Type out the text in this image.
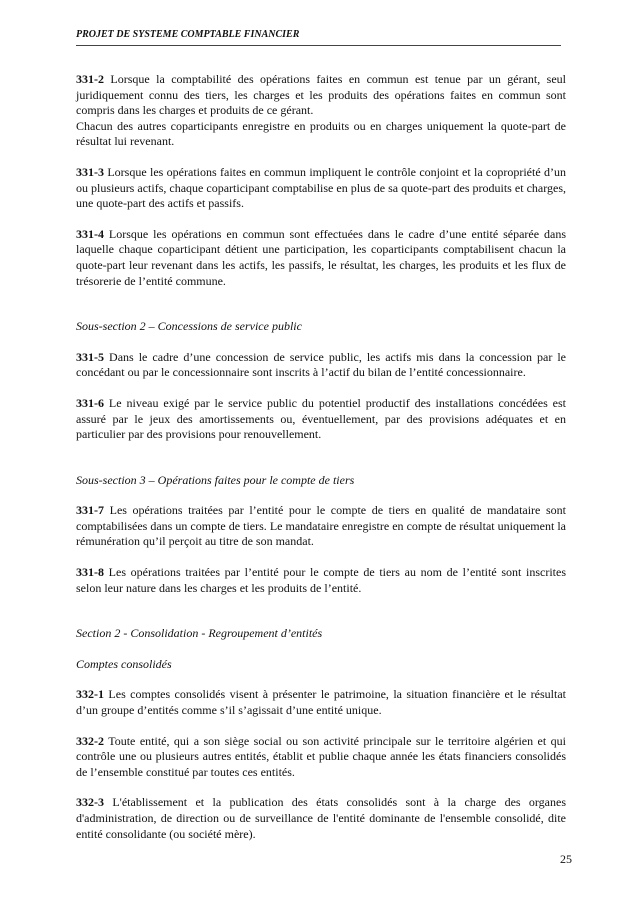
PROJET DE SYSTEME COMPTABLE FINANCIER

331-2 Lorsque la comptabilité des opérations faites en commun est tenue par un gérant, seul juridiquement connu des tiers, les charges et les produits des opérations faites en commun sont compris dans les charges et produits de ce gérant.

Chacun des autres coparticipants enregistre en produits ou en charges uniquement la quote-part de résultat lui revenant.

331-3 Lorsque les opérations faites en commun impliquent le contrôle conjoint et la copropriété d’un ou plusieurs actifs, chaque coparticipant comptabilise en plus de sa quote-part des produits et charges, une quote-part des actifs et passifs.

331-4 Lorsque les opérations en commun sont effectuées dans le cadre d’une entité séparée dans laquelle chaque coparticipant détient une participation, les coparticipants comptabilisent chacun la quote-part leur revenant dans les actifs, les passifs, le résultat, les charges, les produits et les flux de trésorerie de l’entité commune.

Sous-section 2 – Concessions de service public

331-5 Dans le cadre d’une concession de service public, les actifs mis dans la concession par le concédant ou par le concessionnaire sont inscrits à l’actif du bilan de l’entité concessionnaire.

331-6 Le niveau exigé par le service public du potentiel productif des installations concédées est assuré par le jeux des amortissements ou, éventuellement, par des provisions adéquates et en particulier par des provisions pour renouvellement.

Sous-section 3 – Opérations faites pour le compte de tiers

331-7 Les opérations traitées par l’entité pour le compte de tiers en qualité de mandataire sont comptabilisées dans un compte de tiers. Le mandataire enregistre en compte de résultat uniquement la rémunération qu’il perçoit au titre de son mandat.

331-8 Les opérations traitées par l’entité pour le compte de tiers au nom de l’entité sont inscrites selon leur nature dans les charges et les produits de l’entité.

Section 2 - Consolidation - Regroupement d’entités

Comptes consolidés

332-1 Les comptes consolidés visent à présenter le patrimoine, la situation financière et le résultat d’un groupe d’entités comme s’il s’agissait d’une entité unique.

332-2 Toute entité, qui a son siège social ou son activité principale sur le territoire algérien et qui contrôle une ou plusieurs autres entités, établit et publie chaque année les états financiers consolidés de l’ensemble constitué par toutes ces entités.

332-3 L'établissement et la publication des états consolidés sont à la charge des organes d'administration, de direction ou de surveillance de l'entité dominante de l'ensemble consolidé, dite entité consolidante (ou société mère).

25
